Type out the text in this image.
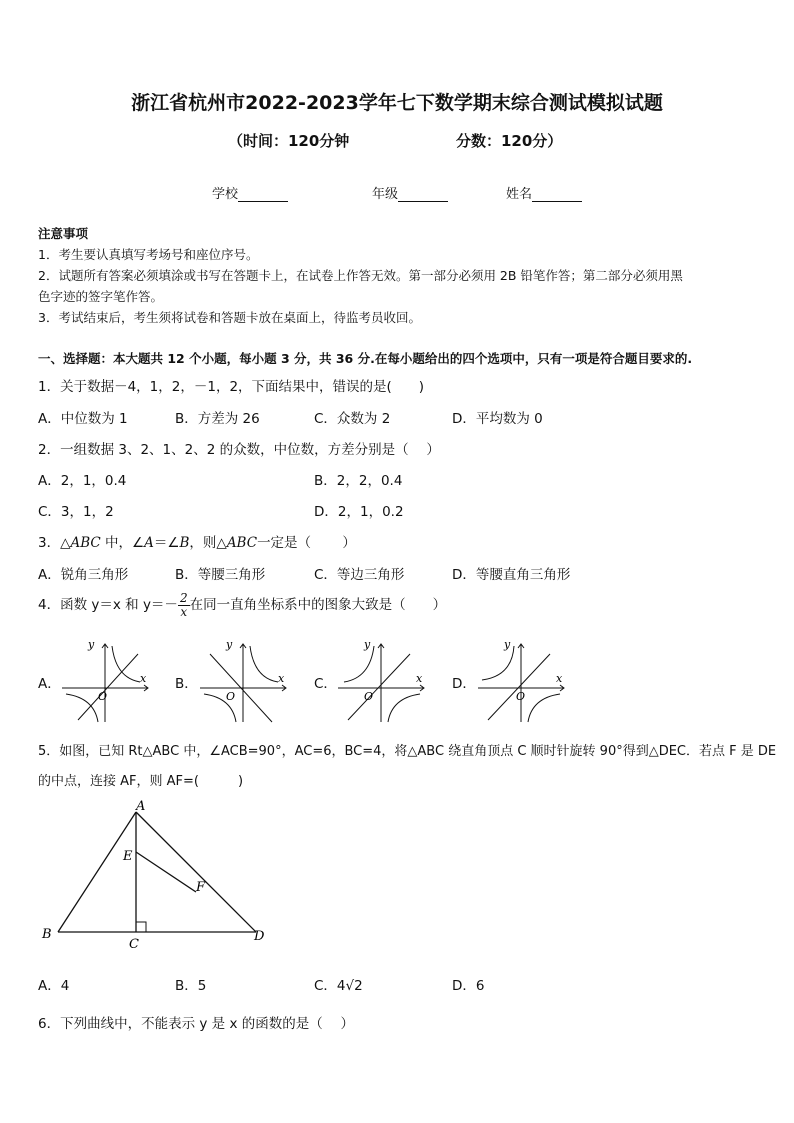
浙江省杭州市2022-2023学年七下数学期末综合测试模拟试题
（时间：120分钟	分数：120分）
学校	年级	姓名
注意事项
1．考生要认真填写考场号和座位序号。
2．试题所有答案必须填涂或书写在答题卡上，在试卷上作答无效。第一部分必须用 2B 铅笔作答；第二部分必须用黑
色字迹的签字笔作答。
3．考试结束后，考生须将试卷和答题卡放在桌面上，待监考员收回。
一、选择题：本大题共 12 个小题，每小题 3 分，共 36 分.在每小题给出的四个选项中，只有一项是符合题目要求的.
1．关于数据－4，1，2，－1，2，下面结果中，错误的是(　　)
A．中位数为 1	B．方差为 26	C．众数为 2	D．平均数为 0
2．一组数据 3、2、1、2、2 的众数，中位数，方差分别是（　 ）
A．2，1，0.4	B．2，2，0.4
C．3，1，2	D．2，1，0.2
3．△ABC 中，∠A＝∠B，则△ABC一定是（　　 ）
A．锐角三角形	B．等腰三角形	C．等边三角形	D．等腰直角三角形
4．函数 y＝x 和 $y=- \frac{2}{x}$ 在同一直角坐标系中的图象大致是（　　）
A．	B．	C．	D．
y
x
O
y
x
O
y
x
O
y
x
O
5．如图，已知 Rt△ABC 中，∠ACB=90°，AC=6，BC=4，将△ABC 绕直角顶点 C 顺时针旋转 90°得到△DEC．若点 F 是 DE
的中点，连接 AF，则 AF=(　　　)
A
E
F
B
C
D
A．4	B．5	C．4√2	D．6
6．下列曲线中，不能表示 y 是 x 的函数的是（　 ）
